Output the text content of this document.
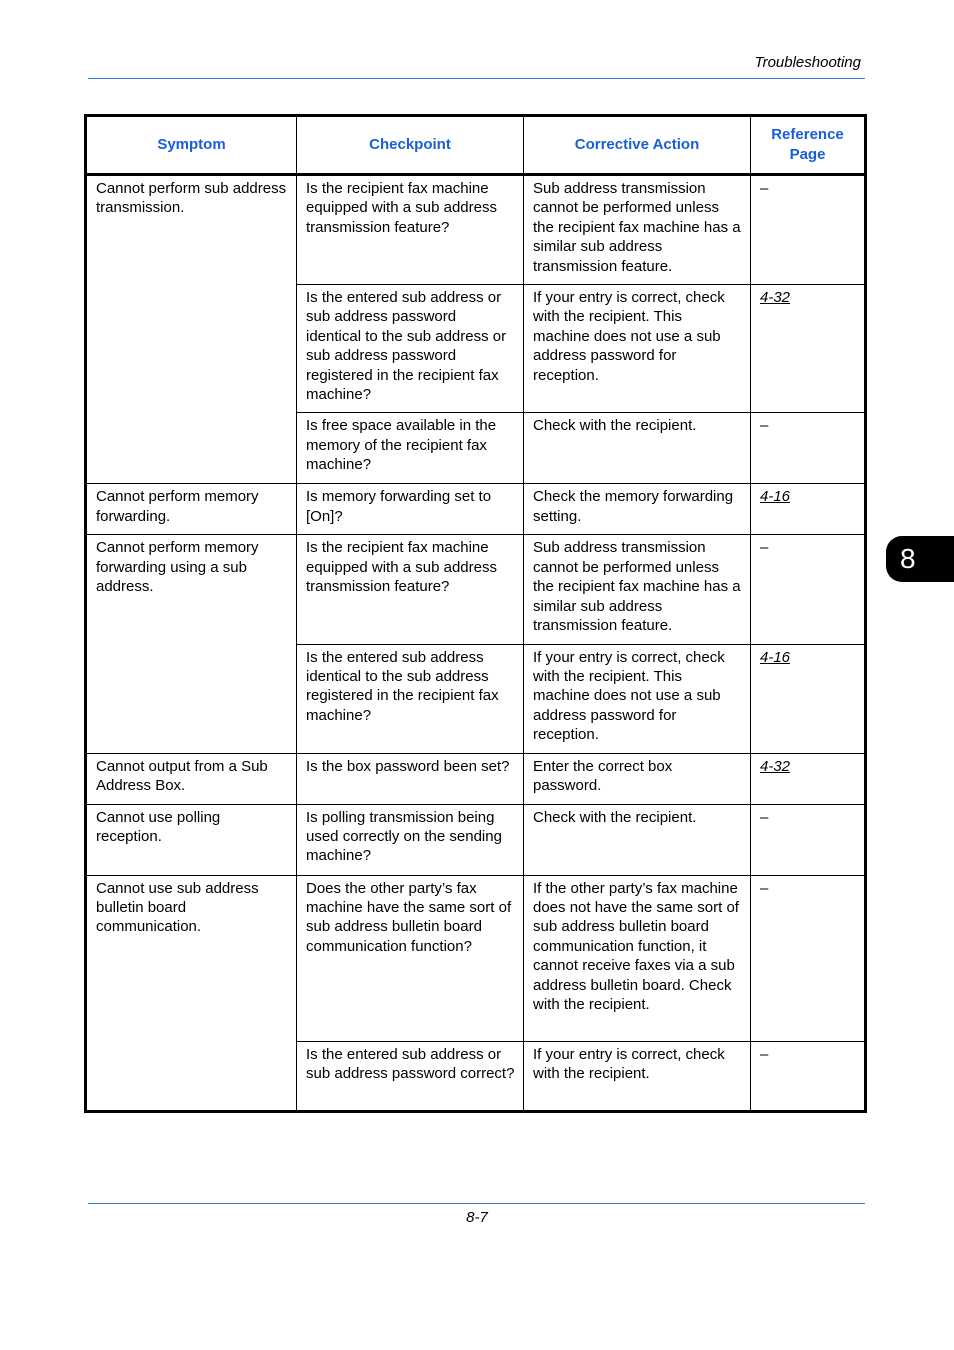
Troubleshooting
8
Symptom	Checkpoint	Corrective Action	Reference Page
Cannot perform sub address transmission.	Is the recipient fax machine equipped with a sub address transmission feature?	Sub address transmission cannot be performed unless the recipient fax machine has a similar sub address transmission feature.	–
	Is the entered sub address or sub address password identical to the sub address or sub address password registered in the recipient fax machine?	If your entry is correct, check with the recipient. This machine does not use a sub address password for reception.	4-32
	Is free space available in the memory of the recipient fax machine?	Check with the recipient.	–
Cannot perform memory forwarding.	Is memory forwarding set to [On]?	Check the memory forwarding setting.	4-16
Cannot perform memory forwarding using a sub address.	Is the recipient fax machine equipped with a sub address transmission feature?	Sub address transmission cannot be performed unless the recipient fax machine has a similar sub address transmission feature.	–
	Is the entered sub address identical to the sub address registered in the recipient fax machine?	If your entry is correct, check with the recipient. This machine does not use a sub address password for reception.	4-16
Cannot output from a Sub Address Box.	Is the box password been set?	Enter the correct box password.	4-32
Cannot use polling reception.	Is polling transmission being used correctly on the sending machine?	Check with the recipient.	–
Cannot use sub address bulletin board communication.	Does the other party’s fax machine have the same sort of sub address bulletin board communication function?	If the other party’s fax machine does not have the same sort of sub address bulletin board communication function, it cannot receive faxes via a sub address bulletin board. Check with the recipient.	–
	Is the entered sub address or sub address password correct?	If your entry is correct, check with the recipient.	–
8-7
